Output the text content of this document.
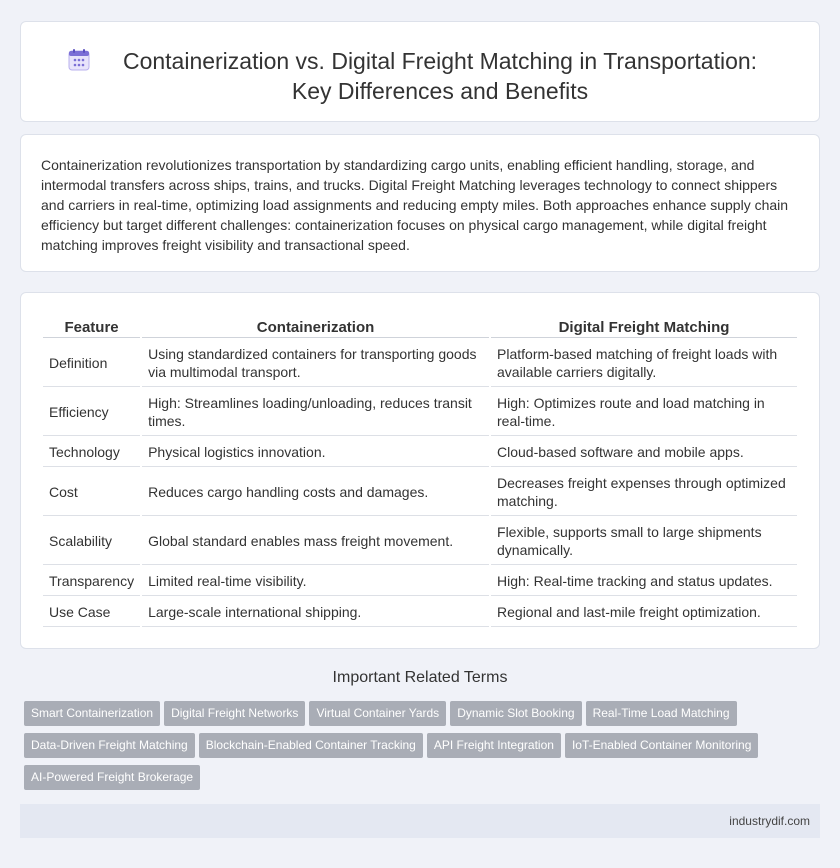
Containerization vs. Digital Freight Matching in Transportation:
Key Differences and Benefits

Containerization revolutionizes transportation by standardizing cargo units, enabling efficient handling, storage, and intermodal transfers across ships, trains, and trucks. Digital Freight Matching leverages technology to connect shippers and carriers in real-time, optimizing load assignments and reducing empty miles. Both approaches enhance supply chain efficiency but target different challenges: containerization focuses on physical cargo management, while digital freight matching improves freight visibility and transactional speed.

Feature	Containerization	Digital Freight Matching
Definition	Using standardized containers for transporting goods via multimodal transport.	Platform-based matching of freight loads with available carriers digitally.
Efficiency	High: Streamlines loading/unloading, reduces transit times.	High: Optimizes route and load matching in real-time.
Technology	Physical logistics innovation.	Cloud-based software and mobile apps.
Cost	Reduces cargo handling costs and damages.	Decreases freight expenses through optimized matching.
Scalability	Global standard enables mass freight movement.	Flexible, supports small to large shipments dynamically.
Transparency	Limited real-time visibility.	High: Real-time tracking and status updates.
Use Case	Large-scale international shipping.	Regional and last-mile freight optimization.
Important Related Terms
Smart Containerization Digital Freight Networks Virtual Container Yards Dynamic Slot Booking Real-Time Load MatchingData-Driven Freight Matching Blockchain-Enabled Container Tracking API Freight Integration IoT-Enabled Container MonitoringAI-Powered Freight Brokerage
industrydif.com
